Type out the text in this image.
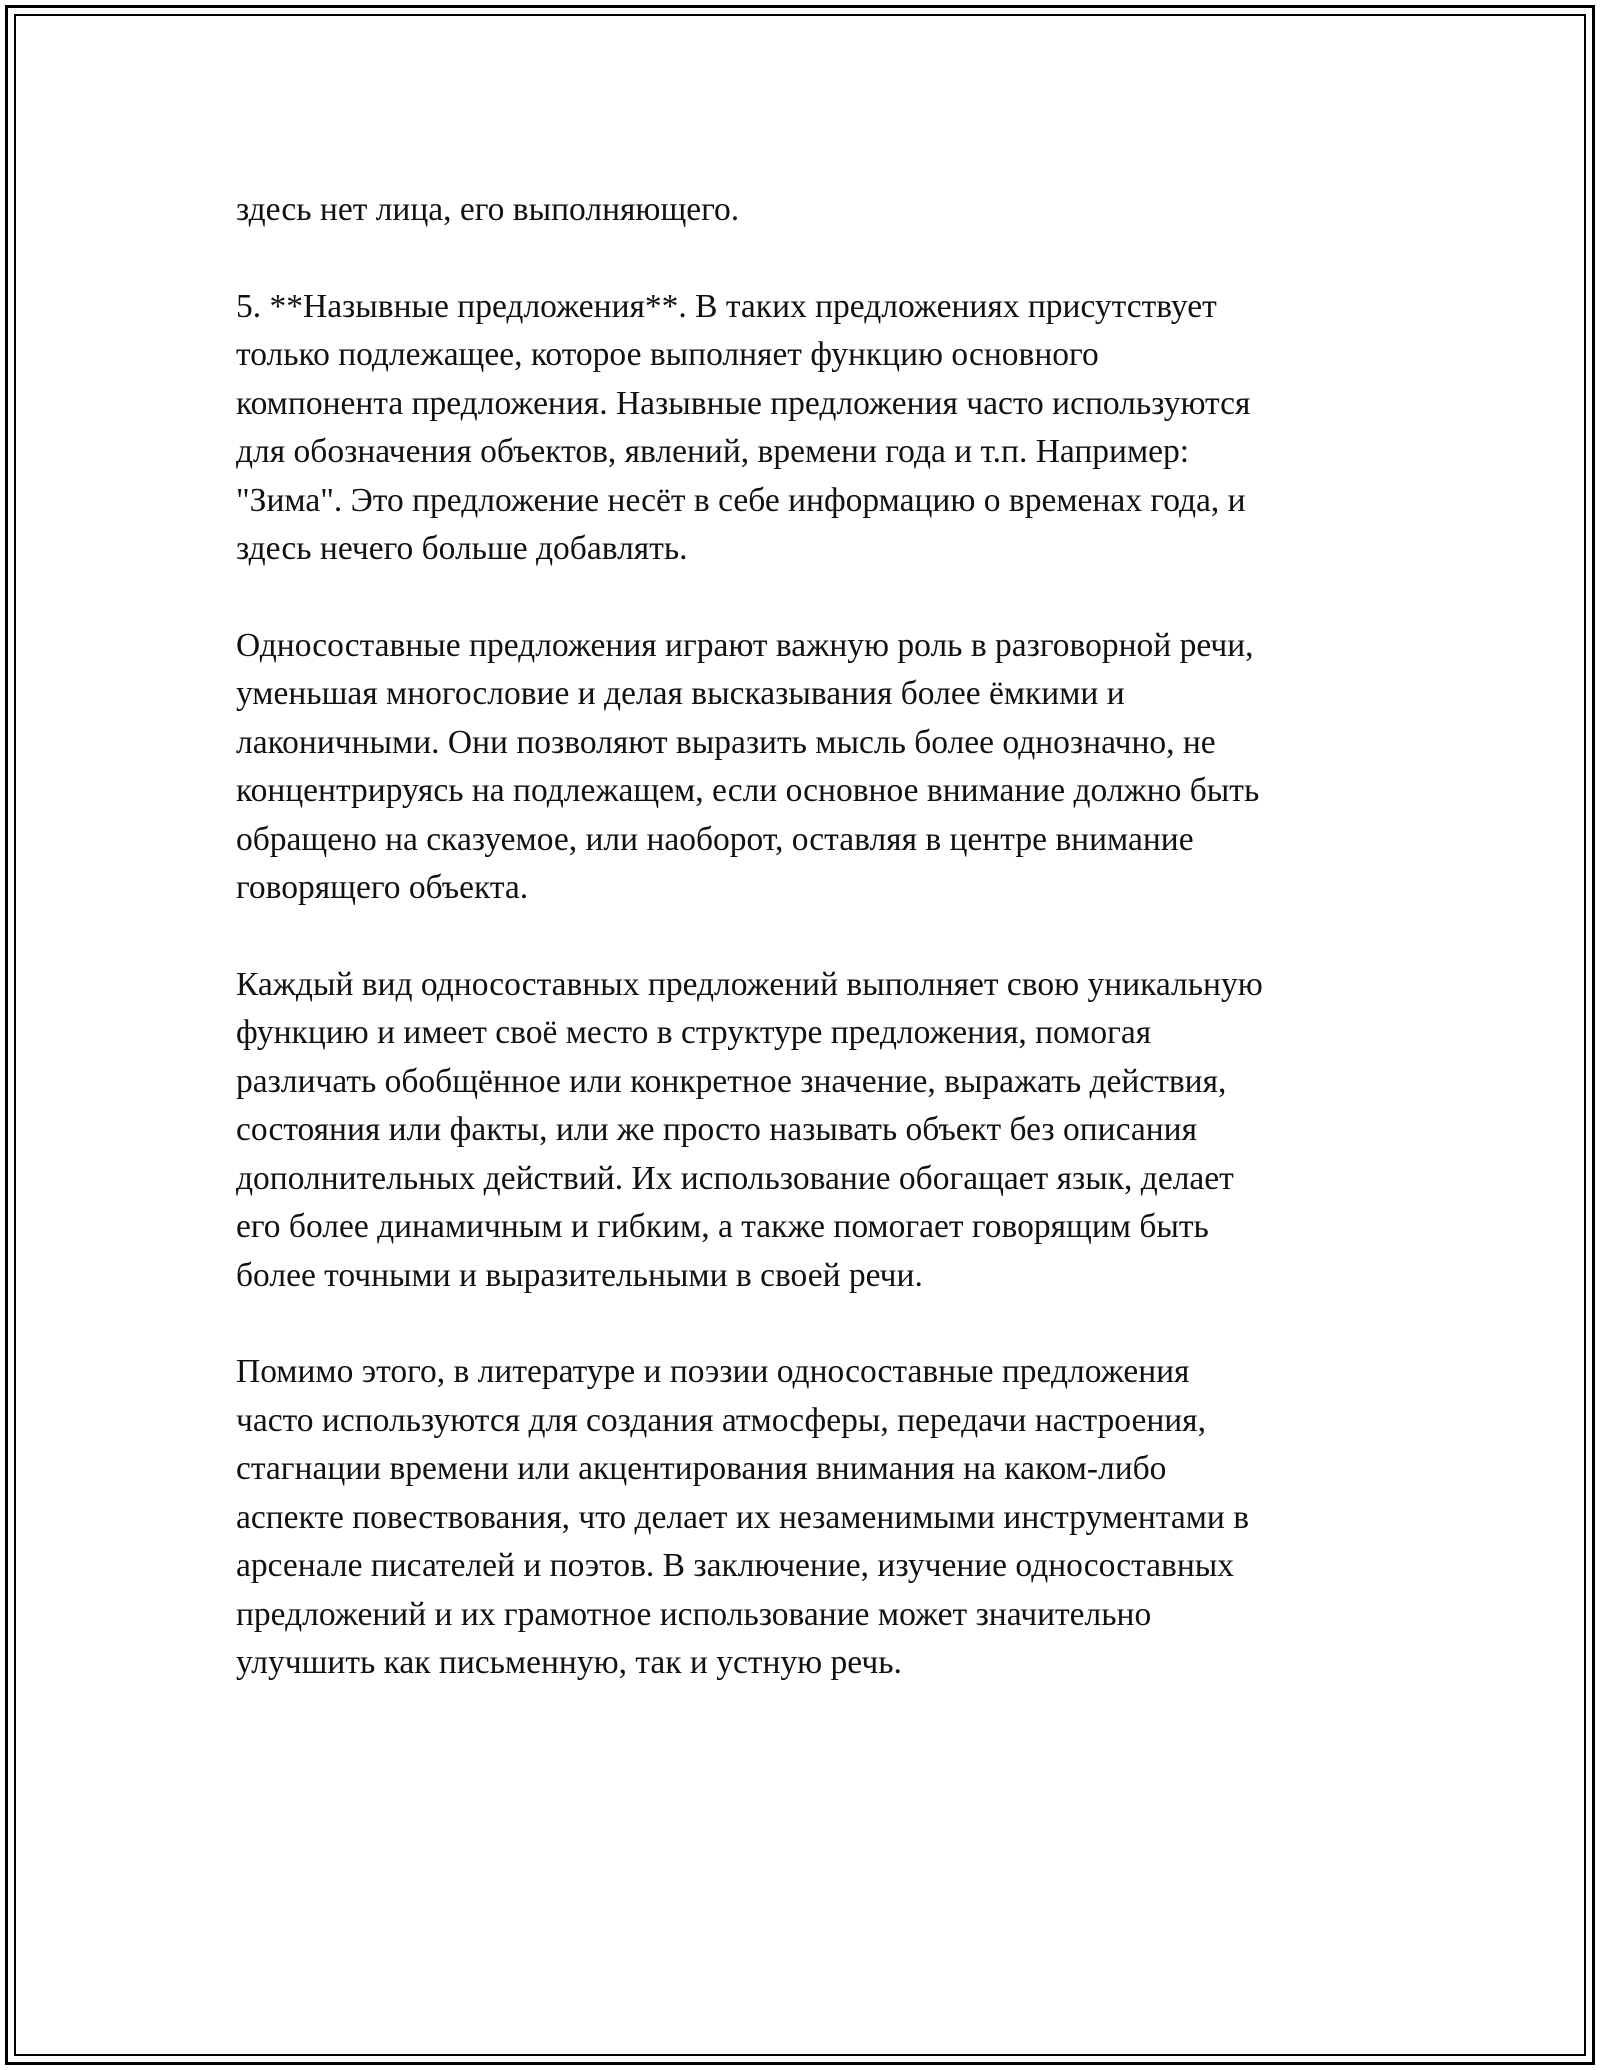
здесь нет лица, его выполняющего.

5. **Назывные предложения**. В таких предложениях присутствует
только подлежащее, которое выполняет функцию основного
компонента предложения. Назывные предложения часто используются
для обозначения объектов, явлений, времени года и т.п. Например:
"Зима". Это предложение несёт в себе информацию о временах года, и
здесь нечего больше добавлять.

Односоставные предложения играют важную роль в разговорной речи,
уменьшая многословие и делая высказывания более ёмкими и
лаконичными. Они позволяют выразить мысль более однозначно, не
концентрируясь на подлежащем, если основное внимание должно быть
обращено на сказуемое, или наоборот, оставляя в центре внимание
говорящего объекта.

Каждый вид односоставных предложений выполняет свою уникальную
функцию и имеет своё место в структуре предложения, помогая
различать обобщённое или конкретное значение, выражать действия,
состояния или факты, или же просто называть объект без описания
дополнительных действий. Их использование обогащает язык, делает
его более динамичным и гибким, а также помогает говорящим быть
более точными и выразительными в своей речи.

Помимо этого, в литературе и поэзии односоставные предложения
часто используются для создания атмосферы, передачи настроения,
стагнации времени или акцентирования внимания на каком-либо
аспекте повествования, что делает их незаменимыми инструментами в
арсенале писателей и поэтов. В заключение, изучение односоставных
предложений и их грамотное использование может значительно
улучшить как письменную, так и устную речь.
